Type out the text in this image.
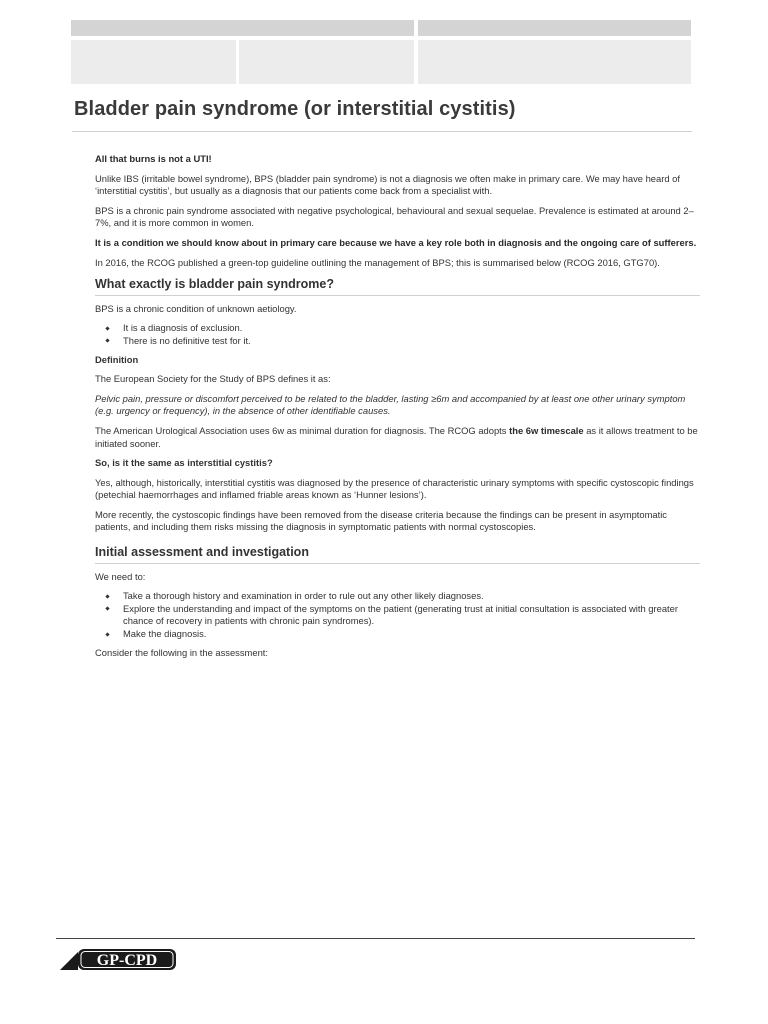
Bladder pain syndrome (or interstitial cystitis)

All that burns is not a UTI!

Unlike IBS (irritable bowel syndrome), BPS (bladder pain syndrome) is not a diagnosis we often make in primary care. We may have heard of ‘interstitial cystitis’, but usually as a diagnosis that our patients come back from a specialist with.

BPS is a chronic pain syndrome associated with negative psychological, behavioural and sexual sequelae. Prevalence is estimated at around 2–7%, and it is more common in women.

It is a condition we should know about in primary care because we have a key role both in diagnosis and the ongoing care of sufferers.

In 2016, the RCOG published a green-top guideline outlining the management of BPS; this is summarised below (RCOG 2016, GTG70).

What exactly is bladder pain syndrome?

BPS is a chronic condition of unknown aetiology.

It is a diagnosis of exclusion.
There is no definitive test for it.

Definition

The European Society for the Study of BPS defines it as:

Pelvic pain, pressure or discomfort perceived to be related to the bladder, lasting ≥6m and accompanied by at least one other urinary symptom (e.g. urgency or frequency), in the absence of other identifiable causes.

The American Urological Association uses 6w as minimal duration for diagnosis. The RCOG adopts the 6w timescale as it allows treatment to be initiated sooner.

So, is it the same as interstitial cystitis?

Yes, although, historically, interstitial cystitis was diagnosed by the presence of characteristic urinary symptoms with specific cystoscopic findings (petechial haemorrhages and inflamed friable areas known as ‘Hunner lesions’).

More recently, the cystoscopic findings have been removed from the disease criteria because the findings can be present in asymptomatic patients, and including them risks missing the diagnosis in symptomatic patients with normal cystoscopies.

Initial assessment and investigation

We need to:

Take a thorough history and examination in order to rule out any other likely diagnoses.
Explore the understanding and impact of the symptoms on the patient (generating trust at initial consultation is associated with greater chance of recovery in patients with chronic pain syndromes).
Make the diagnosis.

Consider the following in the assessment:

GP-CPD
